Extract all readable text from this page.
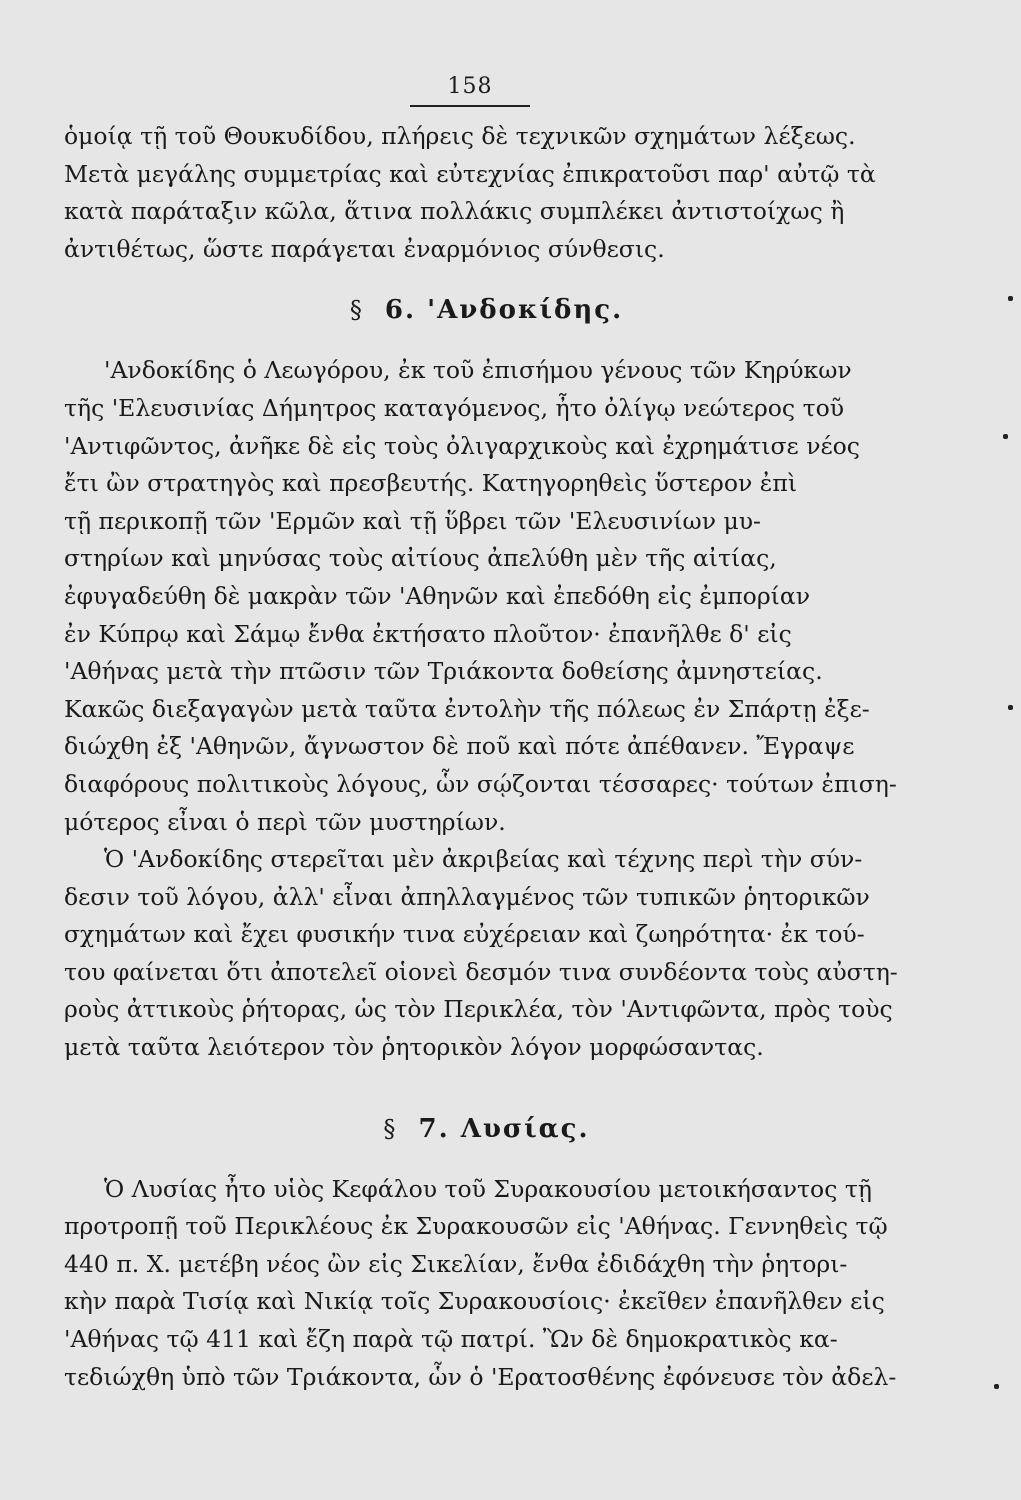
158
ὁμοίᾳ τῇ τοῦ Θουκυδίδου, πλήρεις δὲ τεχνικῶν σχημάτων λέξεως.
Μετὰ μεγάλης συμμετρίας καὶ εὐτεχνίας ἐπικρατοῦσι παρ' αὐτῷ τὰ
κατὰ παράταξιν κῶλα, ἅτινα πολλάκις συμπλέκει ἀντιστοίχως ἢ
ἀντιθέτως, ὥστε παράγεται ἐναρμόνιος σύνθεσις.
§ 6. 'Ανδοκίδης.
'Ανδοκίδης ὁ Λεωγόρου, ἐκ τοῦ ἐπισήμου γένους τῶν Κηρύκων
τῆς 'Ελευσινίας Δήμητρος καταγόμενος, ἦτο ὀλίγῳ νεώτερος τοῦ
'Αντιφῶντος, ἀνῆκε δὲ εἰς τοὺς ὀλιγαρχικοὺς καὶ ἐχρημάτισε νέος
ἔτι ὢν στρατηγὸς καὶ πρεσβευτής. Κατηγορηθεὶς ὕστερον ἐπὶ
τῇ περικοπῇ τῶν 'Ερμῶν καὶ τῇ ὕβρει τῶν 'Ελευσινίων μυ-
στηρίων καὶ μηνύσας τοὺς αἰτίους ἀπελύθη μὲν τῆς αἰτίας,
ἐφυγαδεύθη δὲ μακρὰν τῶν 'Αθηνῶν καὶ ἐπεδόθη εἰς ἐμπορίαν
ἐν Κύπρῳ καὶ Σάμῳ ἔνθα ἐκτήσατο πλοῦτον· ἐπανῆλθε δ' εἰς
'Αθήνας μετὰ τὴν πτῶσιν τῶν Τριάκοντα δοθείσης ἀμνηστείας.
Κακῶς διεξαγαγὼν μετὰ ταῦτα ἐντολὴν τῆς πόλεως ἐν Σπάρτῃ ἐξε-
διώχθη ἐξ 'Αθηνῶν, ἄγνωστον δὲ ποῦ καὶ πότε ἀπέθανεν. Ἔγραψε
διαφόρους πολιτικοὺς λόγους, ὧν σῴζονται τέσσαρες· τούτων ἐπιση-
μότερος εἶναι ὁ περὶ τῶν μυστηρίων.
Ὁ 'Ανδοκίδης στερεῖται μὲν ἀκριβείας καὶ τέχνης περὶ τὴν σύν-
δεσιν τοῦ λόγου, ἀλλ' εἶναι ἀπηλλαγμένος τῶν τυπικῶν ῥητορικῶν
σχημάτων καὶ ἔχει φυσικήν τινα εὐχέρειαν καὶ ζωηρότητα· ἐκ τού-
του φαίνεται ὅτι ἀποτελεῖ οἱονεὶ δεσμόν τινα συνδέοντα τοὺς αὐστη-
ροὺς ἀττικοὺς ῥήτορας, ὡς τὸν Περικλέα, τὸν 'Αντιφῶντα, πρὸς τοὺς
μετὰ ταῦτα λειότερον τὸν ῥητορικὸν λόγον μορφώσαντας.
§ 7. Λυσίας.
Ὁ Λυσίας ἦτο υἱὸς Κεφάλου τοῦ Συρακουσίου μετοικήσαντος τῇ
προτροπῇ τοῦ Περικλέους ἐκ Συρακουσῶν εἰς 'Αθήνας. Γεννηθεὶς τῷ
440 π. Χ. μετέβη νέος ὢν εἰς Σικελίαν, ἔνθα ἐδιδάχθη τὴν ῥητορι-
κὴν παρὰ Τισίᾳ καὶ Νικίᾳ τοῖς Συρακουσίοις· ἐκεῖθεν ἐπανῆλθεν εἰς
'Αθήνας τῷ 411 καὶ ἔζη παρὰ τῷ πατρί. Ὢν δὲ δημοκρατικὸς κα-
τεδιώχθη ὑπὸ τῶν Τριάκοντα, ὧν ὁ 'Ερατοσθένης ἐφόνευσε τὸν ἀδελ-
